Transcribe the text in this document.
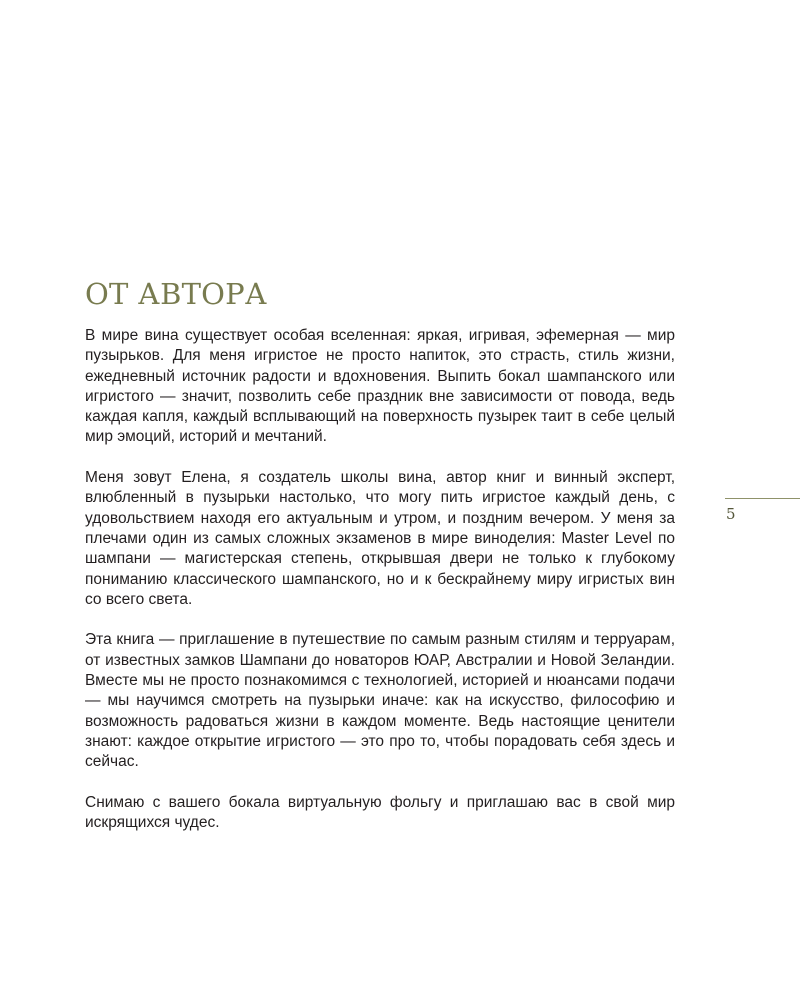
ОТ АВТОРА

В мире вина существует особая вселенная: яркая, игривая, эфемерная — мир пузырьков. Для меня игристое не просто напиток, это страсть, стиль жизни, ежедневный источник радости и вдохновения. Выпить бокал шампанского или игристого — значит, позволить себе праздник вне зависимости от повода, ведь каждая капля, каждый всплывающий на поверхность пузырек таит в себе целый мир эмоций, историй и мечтаний.

Меня зовут Елена, я создатель школы вина, автор книг и винный эксперт, влюбленный в пузырьки настолько, что могу пить игристое каждый день, с удовольствием находя его актуальным и утром, и поздним вечером. У меня за плечами один из самых сложных экзаменов в мире виноделия: Master Level по шампани — магистерская степень, открывшая двери не только к глубокому пониманию классического шампанского, но и к бескрайнему миру игристых вин со всего света.

Эта книга — приглашение в путешествие по самым разным стилям и терруарам, от известных замков Шампани до новаторов ЮАР, Австралии и Новой Зеландии. Вместе мы не просто познакомимся с технологией, историей и нюансами подачи — мы научимся смотреть на пузырьки иначе: как на искусство, философию и возможность радоваться жизни в каждом моменте. Ведь настоящие ценители знают: каждое открытие игристого — это про то, чтобы порадовать себя здесь и сейчас.

Снимаю с вашего бокала виртуальную фольгу и приглашаю вас в свой мир искрящихся чудес.

5
